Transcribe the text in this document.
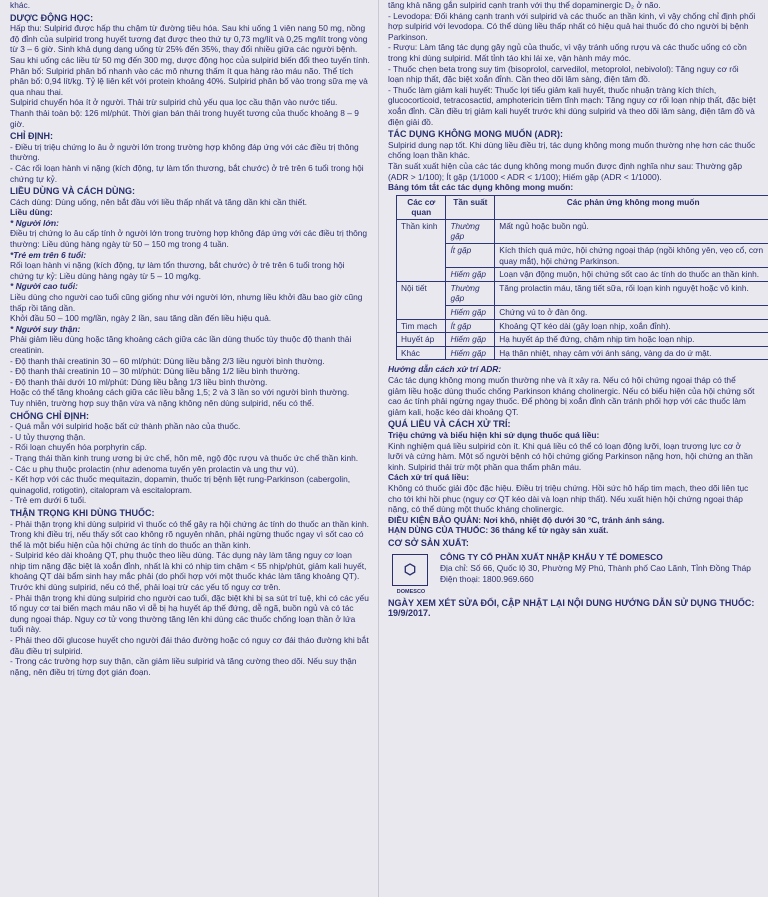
khác.

DƯỢC ĐỘNG HỌC:

Hấp thu: Sulpirid được hấp thu chậm từ đường tiêu hóa. Sau khi uống 1 viên nang 50 mg, nồng độ đỉnh của sulpirid trong huyết tương đạt được theo thứ tự 0,73 mg/lít và 0,25 mg/lít trong vòng từ 3 – 6 giờ. Sinh khả dụng dạng uống từ 25% đến 35%, thay đổi nhiều giữa các người bệnh.

Sau khi uống các liều từ 50 mg đến 300 mg, dược động học của sulpirid biến đổi theo tuyến tính.

Phân bố: Sulpirid phân bố nhanh vào các mô nhưng thấm ít qua hàng rào máu não. Thể tích phân bố: 0,94 lít/kg. Tỷ lệ liên kết với protein khoảng 40%. Sulpirid phân bố vào trong sữa mẹ và qua nhau thai.

Sulpirid chuyển hóa ít ở người. Thải trừ sulpirid chủ yếu qua lọc cầu thận vào nước tiểu.

Thanh thải toàn bộ: 126 ml/phút. Thời gian bán thải trong huyết tương của thuốc khoảng 8 – 9 giờ.

CHỈ ĐỊNH:

- Điều trị triệu chứng lo âu ở người lớn trong trường hợp không đáp ứng với các điều trị thông thường.

- Các rối loạn hành vi nặng (kích động, tự làm tổn thương, bắt chước) ở trẻ trên 6 tuổi trong hội chứng tự kỷ.

LIỀU DÙNG VÀ CÁCH DÙNG:

Cách dùng: Dùng uống, nên bắt đầu với liều thấp nhất và tăng dần khi cần thiết.

Liều dùng:

* Người lớn:

Điều trị chứng lo âu cấp tính ở người lớn trong trường hợp không đáp ứng với các điều trị thông thường: Liều dùng hàng ngày từ 50 – 150 mg trong 4 tuần.

*Trẻ em trên 6 tuổi:

Rối loạn hành vi nặng (kích động, tự làm tổn thương, bắt chước) ở trẻ trên 6 tuổi trong hội chứng tự kỷ: Liều dùng hàng ngày từ 5 – 10 mg/kg.

* Người cao tuổi:

Liều dùng cho người cao tuổi cũng giống như với người lớn, nhưng liều khởi đầu bao giờ cũng thấp rồi tăng dần.

Khởi đầu 50 – 100 mg/lần, ngày 2 lần, sau tăng dần đến liều hiệu quả.

* Người suy thận:

Phải giảm liều dùng hoặc tăng khoảng cách giữa các lần dùng thuốc tùy thuộc độ thanh thải creatinin.

- Độ thanh thải creatinin 30 – 60 ml/phút: Dùng liều bằng 2/3 liều người bình thường.

- Độ thanh thải creatinin 10 – 30 ml/phút: Dùng liều bằng 1/2 liều bình thường.

- Độ thanh thải dưới 10 ml/phút: Dùng liều bằng 1/3 liều bình thường.

Hoặc có thể tăng khoảng cách giữa các liều bằng 1,5; 2 và 3 lần so với người bình thường.

Tuy nhiên, trường hợp suy thận vừa và nặng không nên dùng sulpirid, nếu có thể.

CHỐNG CHỈ ĐỊNH:

- Quá mẫn với sulpirid hoặc bất cứ thành phần nào của thuốc.

- U tủy thượng thận.

- Rối loạn chuyển hóa porphyrin cấp.

- Trạng thái thần kinh trung ương bị ức chế, hôn mê, ngộ độc rượu và thuốc ức chế thần kinh.

- Các u phụ thuộc prolactin (như adenoma tuyến yên prolactin và ung thư vú).

- Kết hợp với các thuốc mequitazin, dopamin, thuốc trị bệnh liệt rung-Parkinson (cabergolin, quinagolid, rotigotin), citalopram và escitalopram.

- Trẻ em dưới 6 tuổi.

THẬN TRỌNG KHI DÙNG THUỐC:

- Phải thận trọng khi dùng sulpirid vì thuốc có thể gây ra hội chứng ác tính do thuốc an thần kinh. Trong khi điều trị, nếu thấy sốt cao không rõ nguyên nhân, phải ngừng thuốc ngay vì sốt cao có thể là một biểu hiện của hội chứng ác tính do thuốc an thần kinh.

- Sulpirid kéo dài khoảng QT, phụ thuộc theo liều dùng. Tác dụng này làm tăng nguy cơ loạn nhịp tim nặng đặc biệt là xoắn đỉnh, nhất là khi có nhịp tim chậm < 55 nhịp/phút, giảm kali huyết, khoảng QT dài bẩm sinh hay mắc phải (do phối hợp với một thuốc khác làm tăng khoảng QT). Trước khi dùng sulpirid, nếu có thể, phải loại trừ các yếu tố nguy cơ trên.

- Phải thận trọng khi dùng sulpirid cho người cao tuổi, đặc biệt khi bị sa sút trí tuệ, khi có các yếu tố nguy cơ tai biến mạch máu não vì dễ bị hạ huyết áp thế đứng, dễ ngã, buồn ngủ và có tác dụng ngoại tháp. Nguy cơ tử vong thường tăng lên khi dùng các thuốc chống loạn thần ở lứa tuổi này.

- Phải theo dõi glucose huyết cho người đái tháo đường hoặc có nguy cơ đái tháo đường khi bắt đầu điều trị sulpirid.

- Trong các trường hợp suy thận, cần giảm liều sulpirid và tăng cường theo dõi. Nếu suy thận nặng, nên điều trị từng đợt gián đoạn.

tăng khả năng gắn sulpirid cạnh tranh với thụ thể dopaminergic D₂ ở não.

- Levodopa: Đối kháng cạnh tranh với sulpirid và các thuốc an thần kinh, vì vậy chống chỉ định phối hợp sulpirid với levodopa. Có thể dùng liều thấp nhất có hiệu quả hai thuốc đó cho người bị bệnh Parkinson.

- Rượu: Làm tăng tác dụng gây ngủ của thuốc, vì vậy tránh uống rượu và các thuốc uống có cồn trong khi dùng sulpirid. Mất tỉnh táo khi lái xe, vận hành máy móc.

- Thuốc chẹn beta trong suy tim (bisoprolol, carvedilol, metoprolol, nebivolol): Tăng nguy cơ rối loạn nhịp thất, đặc biệt xoắn đỉnh. Cần theo dõi lâm sàng, điện tâm đồ.

- Thuốc làm giảm kali huyết: Thuốc lợi tiểu giảm kali huyết, thuốc nhuận tràng kích thích, glucocorticoid, tetracosactid, amphotericin tiêm tĩnh mạch: Tăng nguy cơ rối loạn nhịp thất, đặc biệt xoắn đỉnh. Cần điều trị giảm kali huyết trước khi dùng sulpirid và theo dõi lâm sàng, điện tâm đồ và điện giải đồ.

TÁC DỤNG KHÔNG MONG MUỐN (ADR):

Sulpirid dung nạp tốt. Khi dùng liều điều trị, tác dụng không mong muốn thường nhẹ hơn các thuốc chống loạn thần khác.

Tần suất xuất hiện của các tác dụng không mong muốn được định nghĩa như sau: Thường gặp (ADR > 1/100); Ít gặp (1/1000 < ADR < 1/100); Hiếm gặp (ADR < 1/1000).

Bảng tóm tắt các tác dụng không mong muốn:

Các cơ quan	Tần suất	Các phản ứng không mong muốn
Thần kinh	Thường gặp	Mất ngủ hoặc buồn ngủ.
	Ít gặp	Kích thích quá mức, hội chứng ngoại tháp (ngồi không yên, vẹo cổ, cơn quay mắt), hội chứng Parkinson.
	Hiếm gặp	Loạn vận động muộn, hội chứng sốt cao ác tính do thuốc an thần kinh.
Nội tiết	Thường gặp	Tăng prolactin máu, tăng tiết sữa, rối loạn kinh nguyệt hoặc vô kinh.
	Hiếm gặp	Chứng vú to ở đàn ông.
Tim mạch	Ít gặp	Khoảng QT kéo dài (gây loạn nhịp, xoắn đỉnh).
Huyết áp	Hiếm gặp	Hạ huyết áp thế đứng, chậm nhịp tim hoặc loạn nhịp.
Khác	Hiếm gặp	Hạ thân nhiệt, nhạy cảm với ánh sáng, vàng da do ứ mật.

Hướng dẫn cách xử trí ADR:

Các tác dụng không mong muốn thường nhẹ và ít xảy ra. Nếu có hội chứng ngoại tháp có thể giảm liều hoặc dùng thuốc chống Parkinson kháng cholinergic. Nếu có biểu hiện của hội chứng sốt cao ác tính phải ngừng ngay thuốc. Để phòng bị xoắn đỉnh cần tránh phối hợp với các thuốc làm giảm kali, hoặc kéo dài khoảng QT.

QUÁ LIỀU VÀ CÁCH XỬ TRÍ:

Triệu chứng và biểu hiện khi sử dụng thuốc quá liều:

Kinh nghiệm quá liều sulpirid còn ít. Khi quá liều có thể có loạn động lưỡi, loạn trương lực cơ ở lưỡi và cứng hàm. Một số người bệnh có hội chứng giống Parkinson nặng hơn, hội chứng an thần kinh. Sulpirid thải trừ một phần qua thẩm phân máu.

Cách xử trí quá liều:

Không có thuốc giải độc đặc hiệu. Điều trị triệu chứng. Hồi sức hô hấp tim mạch, theo dõi liên tục cho tới khi hồi phục (nguy cơ QT kéo dài và loạn nhịp thất). Nếu xuất hiện hội chứng ngoại tháp nặng, có thể dùng một thuốc kháng cholinergic.

ĐIỀU KIỆN BẢO QUẢN: Nơi khô, nhiệt độ dưới 30 °C, tránh ánh sáng.

HẠN DÙNG CỦA THUỐC: 36 tháng kể từ ngày sản xuất.

CƠ SỞ SẢN XUẤT:

⬡
DOMESCO

CÔNG TY CỔ PHẦN XUẤT NHẬP KHẨU Y TẾ DOMESCO

Địa chỉ: Số 66, Quốc lộ 30, Phường Mỹ Phú, Thành phố Cao Lãnh, Tỉnh Đồng Tháp

Điện thoại: 1800.969.660

NGÀY XEM XÉT SỬA ĐỔI, CẬP NHẬT LẠI NỘI DUNG HƯỚNG DẪN SỬ DỤNG THUỐC: 19/9/2017.
